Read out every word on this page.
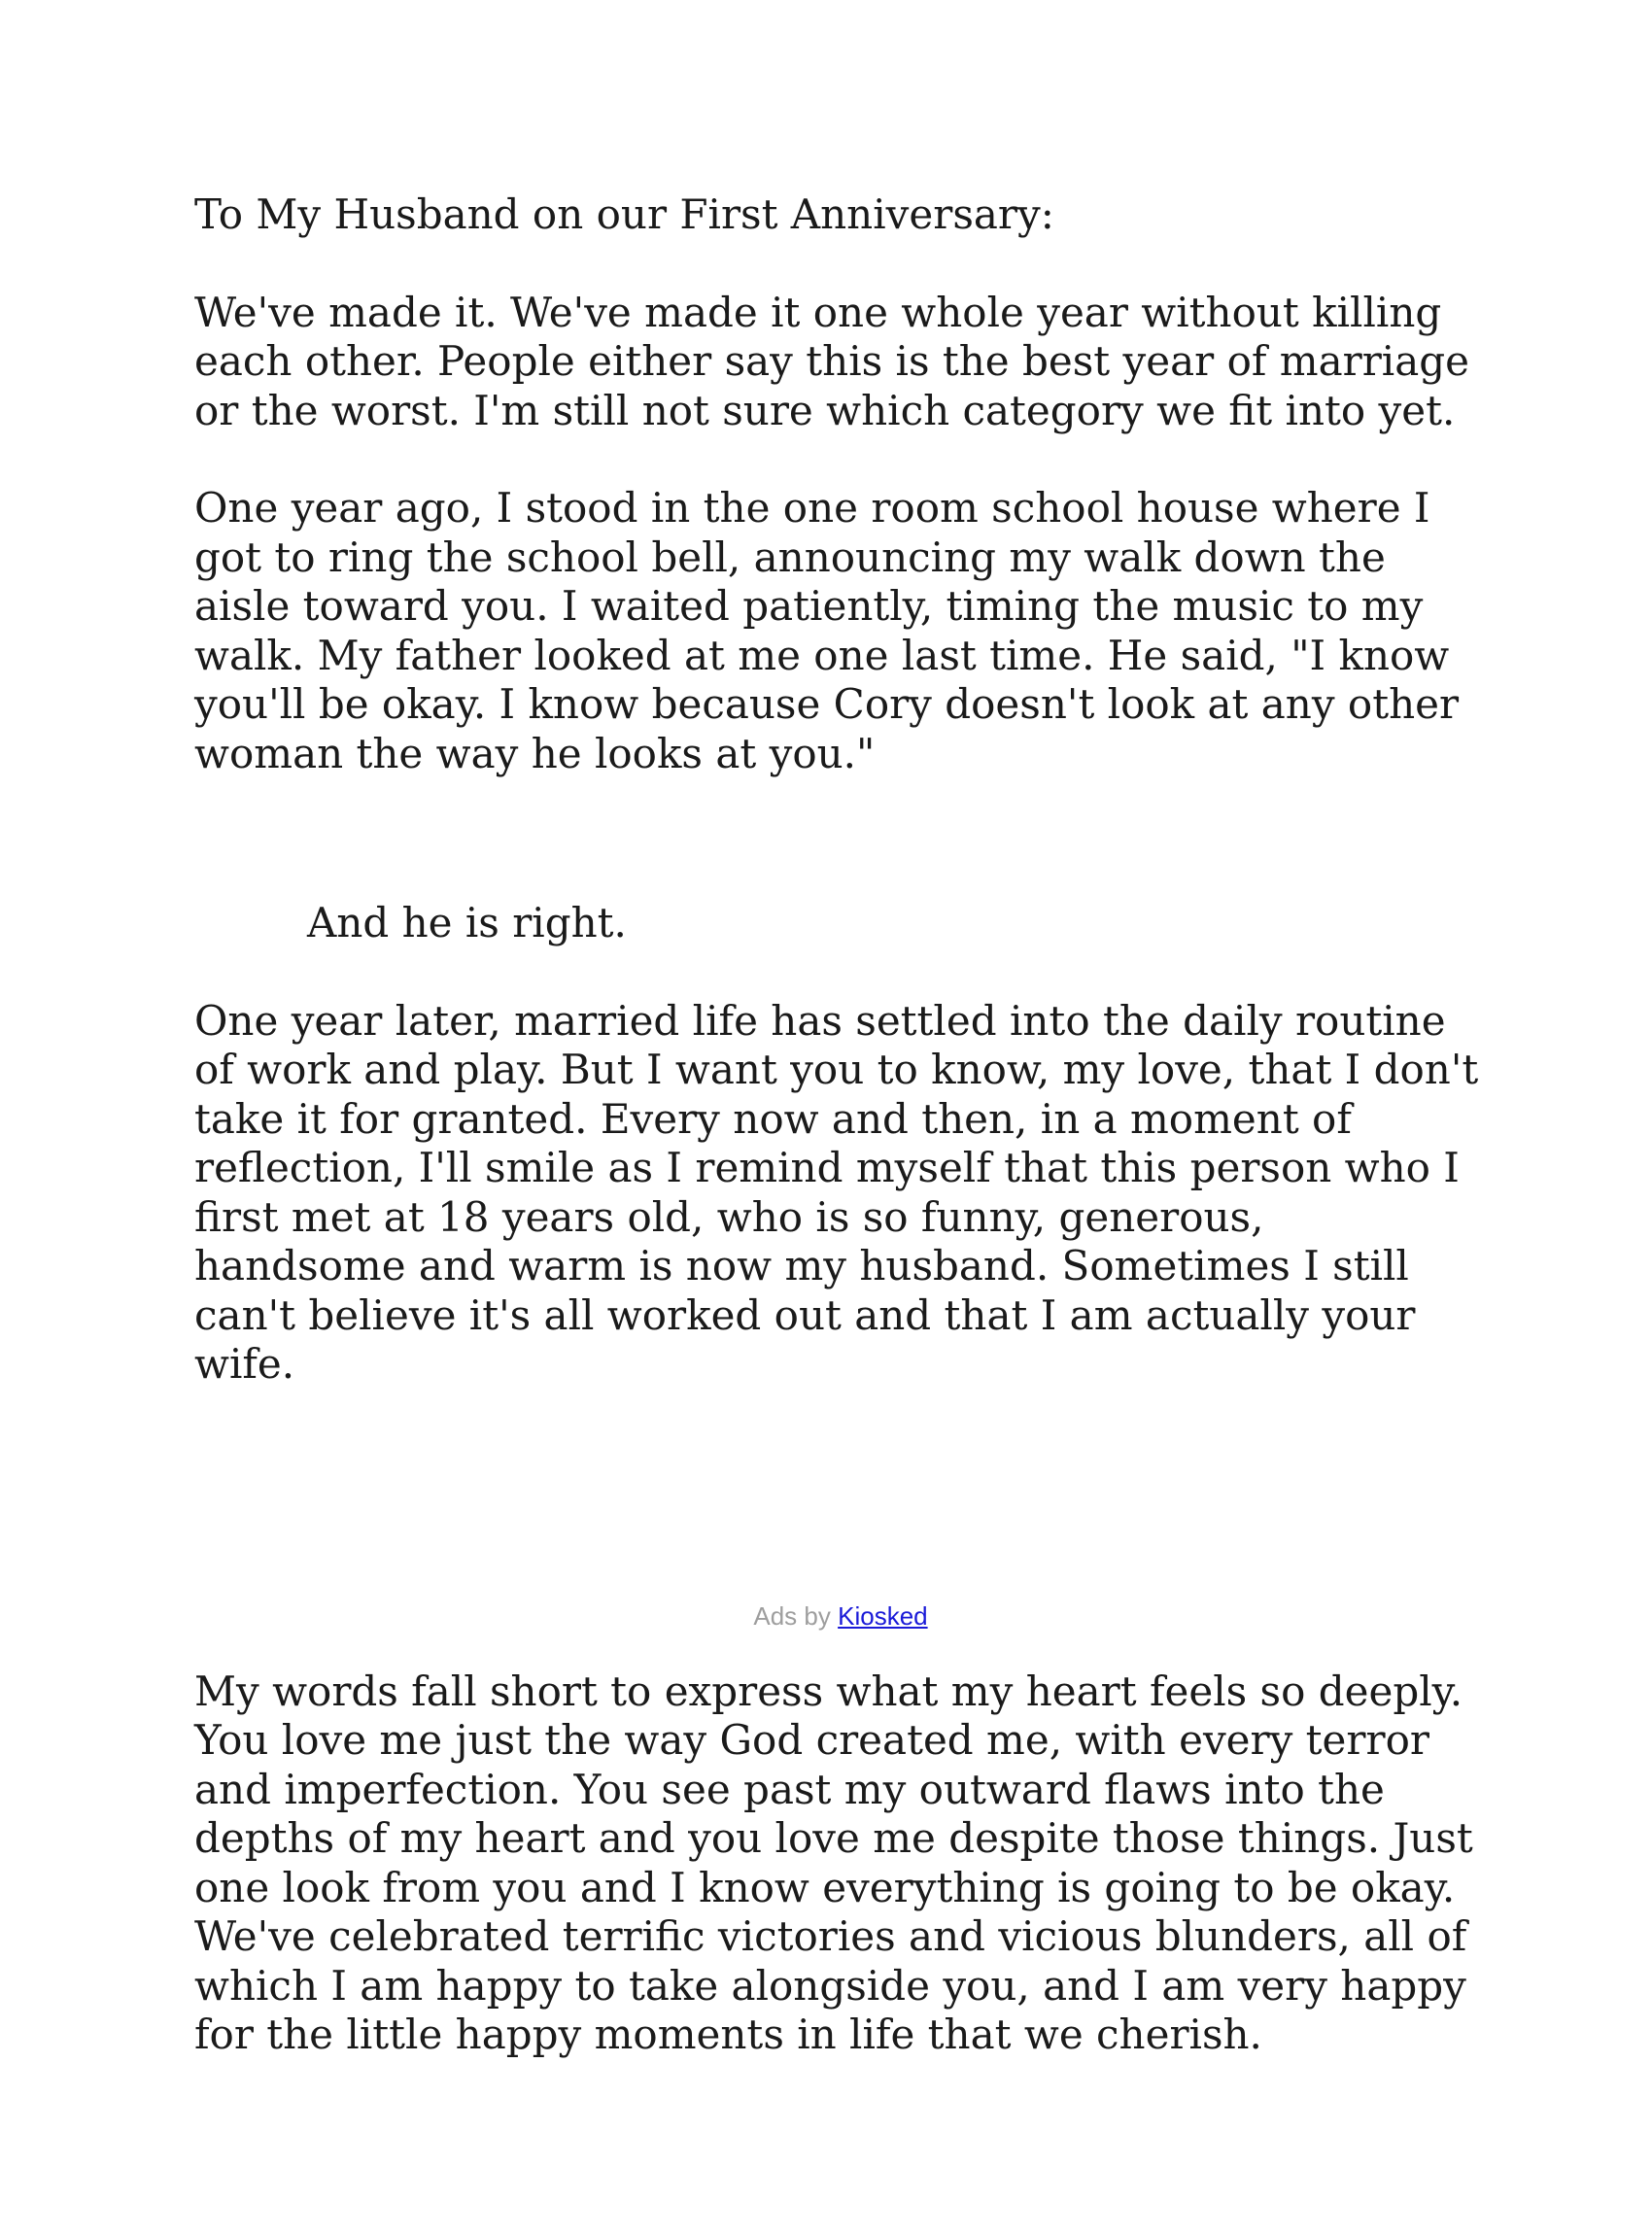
To My Husband on our First Anniversary:

We've made it. We've made it one whole year without killing each other. People either say this is the best year of marriage or the worst. I'm still not sure which category we fit into yet.

One year ago, I stood in the one room school house where I got to ring the school bell, announcing my walk down the aisle toward you. I waited patiently, timing the music to my walk. My father looked at me one last time. He said, "I know you'll be okay. I know because Cory doesn't look at any other woman the way he looks at you."

And he is right.

One year later, married life has settled into the daily routine of work and play. But I want you to know, my love, that I don't take it for granted. Every now and then, in a moment of reflection, I'll smile as I remind myself that this person who I first met at 18 years old, who is so funny, generous, handsome and warm is now my husband. Sometimes I still can't believe it's all worked out and that I am actually your wife.

Ads by Kiosked

My words fall short to express what my heart feels so deeply. You love me just the way God created me, with every terror and imperfection. You see past my outward flaws into the depths of my heart and you love me despite those things. Just one look from you and I know everything is going to be okay. We've celebrated terrific victories and vicious blunders, all of which I am happy to take alongside you, and I am very happy for the little happy moments in life that we cherish.
